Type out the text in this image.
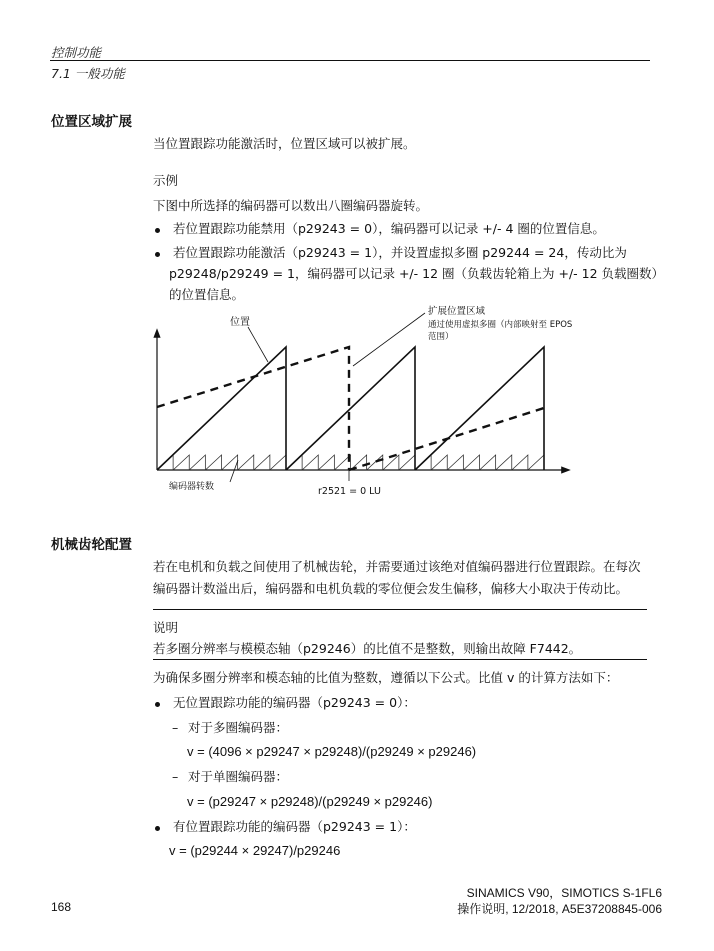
控制功能
7.1 一般功能
位置区域扩展
当位置跟踪功能激活时，位置区域可以被扩展。
示例
下图中所选择的编码器可以数出八圈编码器旋转。
若位置跟踪功能禁用（p29243 = 0），编码器可以记录 +/- 4 圈的位置信息。
若位置跟踪功能激活（p29243 = 1），并设置虚拟多圈 p29244 = 24，传动比为
p29248/p29249 = 1，编码器可以记录 +/- 12 圈（负载齿轮箱上为 +/- 12 负载圈数）
的位置信息。
位置
扩展位置区域
通过使用虚拟多圈（内部映射至 EPOS
范围）
编码器转数	r2521 = 0 LU
机械齿轮配置
若在电机和负载之间使用了机械齿轮，并需要通过该绝对值编码器进行位置跟踪。在每次
编码器计数溢出后，编码器和电机负载的零位便会发生偏移，偏移大小取决于传动比。
说明
若多圈分辨率与模模态轴（p29246）的比值不是整数，则输出故障 F7442。
为确保多圈分辨率和模态轴的比值为整数，遵循以下公式。比值 v 的计算方法如下：
无位置跟踪功能的编码器（p29243 = 0）：
– 对于多圈编码器：
v = (4096 × p29247 × p29248)/(p29249 × p29246)
– 对于单圈编码器：
v = (p29247 × p29248)/(p29249 × p29246)
有位置跟踪功能的编码器（p29243 = 1）：
v = (p29244 × 29247)/p29246
168
SINAMICS V90，SIMOTICS S-1FL6
操作说明, 12/2018, A5E37208845-006
